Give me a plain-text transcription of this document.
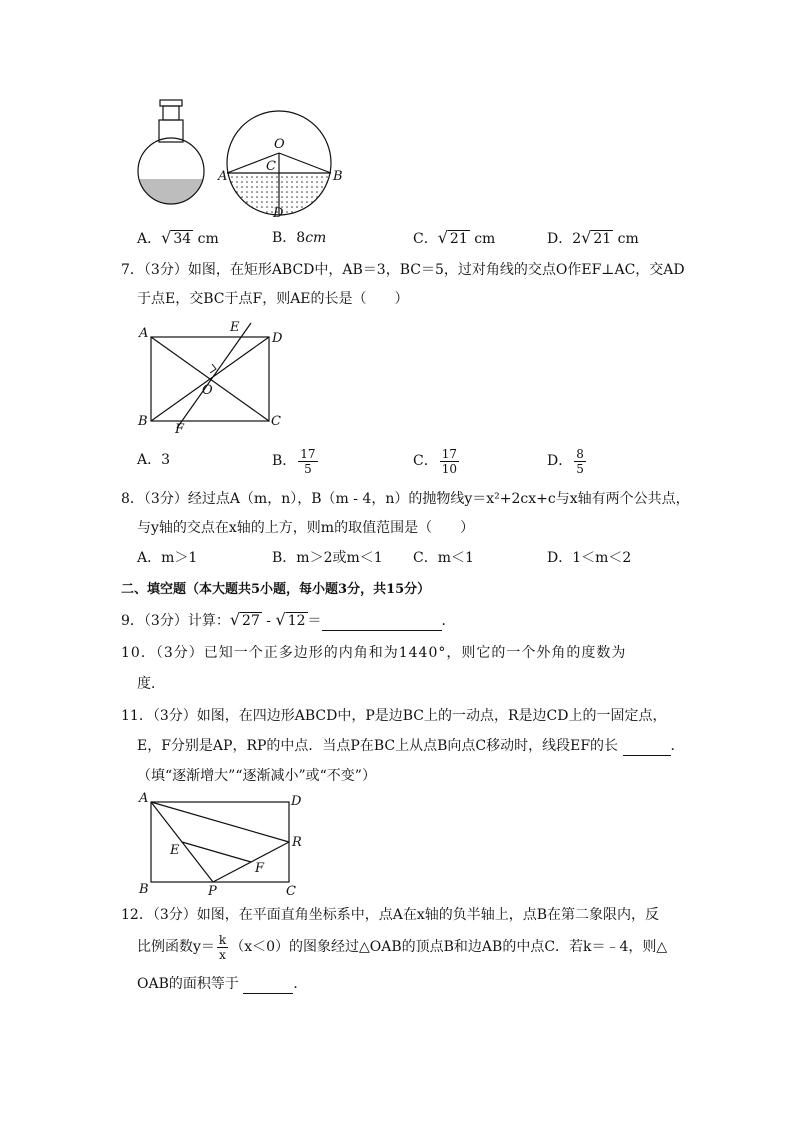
O
C
A	B
D
A．√ 34 cm	B．8cm	C．√ 21 cm	D．2√ 21 cm
7．（3分）如图，在矩形ABCD中，AB＝3，BC＝5，过对角线的交点O作EF⊥AC，交AD
于点E，交BC于点F，则AE的长是（　　）
A	E
D
O
B
F
C
A．3	B． $\frac{17}{5}$	C． $\frac{17}{10}$	D． $\frac{8}{5}$
8．（3分）经过点A（m，n），B（m - 4，n）的抛物线y＝x²+2cx+c与x轴有两个公共点，
与y轴的交点在x轴的上方，则m的取值范围是（　　）
A．m＞1	B．m＞2或m＜1 C．m＜1	D．1＜m＜2
二、填空题（本大题共5小题，每小题3分，共15分）
9．（3分）计算：√ 27 - √ 12 ＝	．
10．（3分）已知一个正多边形的内角和为1440°，则它的一个外角的度数为
度．
11．（3分）如图，在四边形ABCD中，P是边BC上的一动点，R是边CD上的一固定点，
E，F分别是AP，RP的中点．当点P在BC上从点B向点C移动时，线段EF的长	．
（填“逐渐增大”“逐渐减小”或“不变”）
A	D
R
E
F
B	P	C
12．（3分）如图，在平面直角坐标系中，点A在x轴的负半轴上，点B在第二象限内，反
比例函数$y= \frac{k}{x} (x<0)$的图象经过△OAB的顶点B和边AB的中点C．若k＝﹣4，则△
OAB的面积等于	．
